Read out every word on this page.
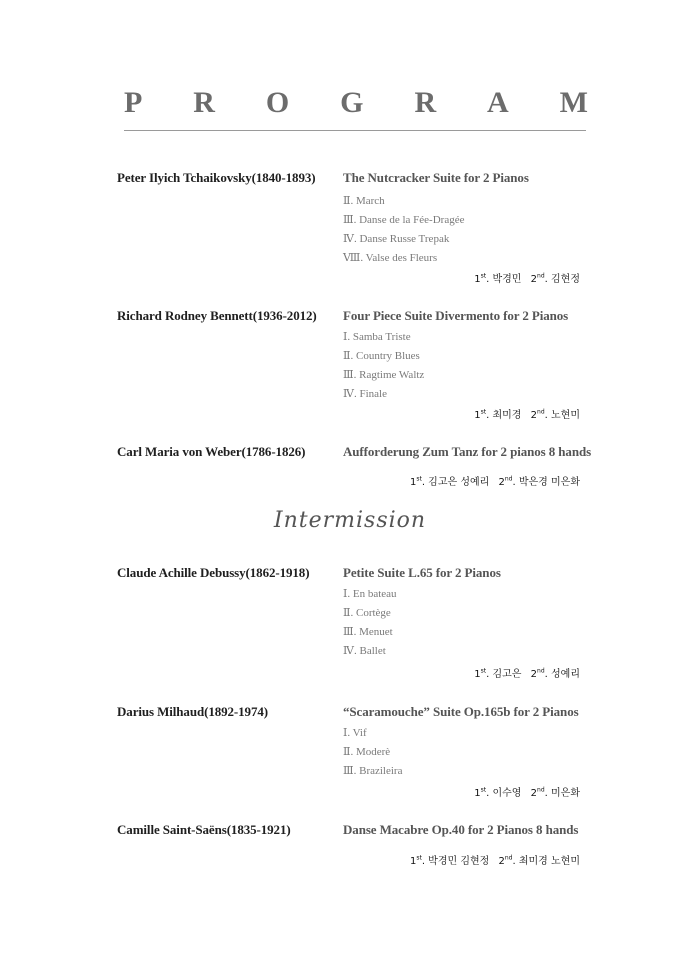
P R O G R A M
Peter Ilyich Tchaikovsky(1840-1893) The Nutcracker Suite for 2 Pianos
Ⅱ. March
Ⅲ. Danse de la Fée-Dragée
Ⅳ. Danse Russe Trepak
Ⅷ. Valse des Fleurs
1st. 박경민 2nd. 김현정
Richard Rodney Bennett(1936-2012) Four Piece Suite Divermento for 2 Pianos
Ⅰ. Samba Triste
Ⅱ. Country Blues
Ⅲ. Ragtime Waltz
Ⅳ. Finale
1st. 최미경 2nd. 노현미
Carl Maria von Weber(1786-1826)	Aufforderung Zum Tanz for 2 pianos 8 hands
1st. 김고은 성예리 2nd. 박은경 미은화
Intermission
Claude Achille Debussy(1862-1918)	Petite Suite L.65 for 2 Pianos
Ⅰ. En bateau
Ⅱ. Cortège
Ⅲ. Menuet
Ⅳ. Ballet
1st. 김고은 2nd. 성예리
Darius Milhaud(1892-1974)	“Scaramouche” Suite Op.165b for 2 Pianos
Ⅰ. Vif
Ⅱ. Moderè
Ⅲ. Brazileira
1st. 이수영 2nd. 미은화
Camille Saint-Saëns(1835-1921)	Danse Macabre Op.40 for 2 Pianos 8 hands
1st. 박경민 김현정 2nd. 최미경 노현미
